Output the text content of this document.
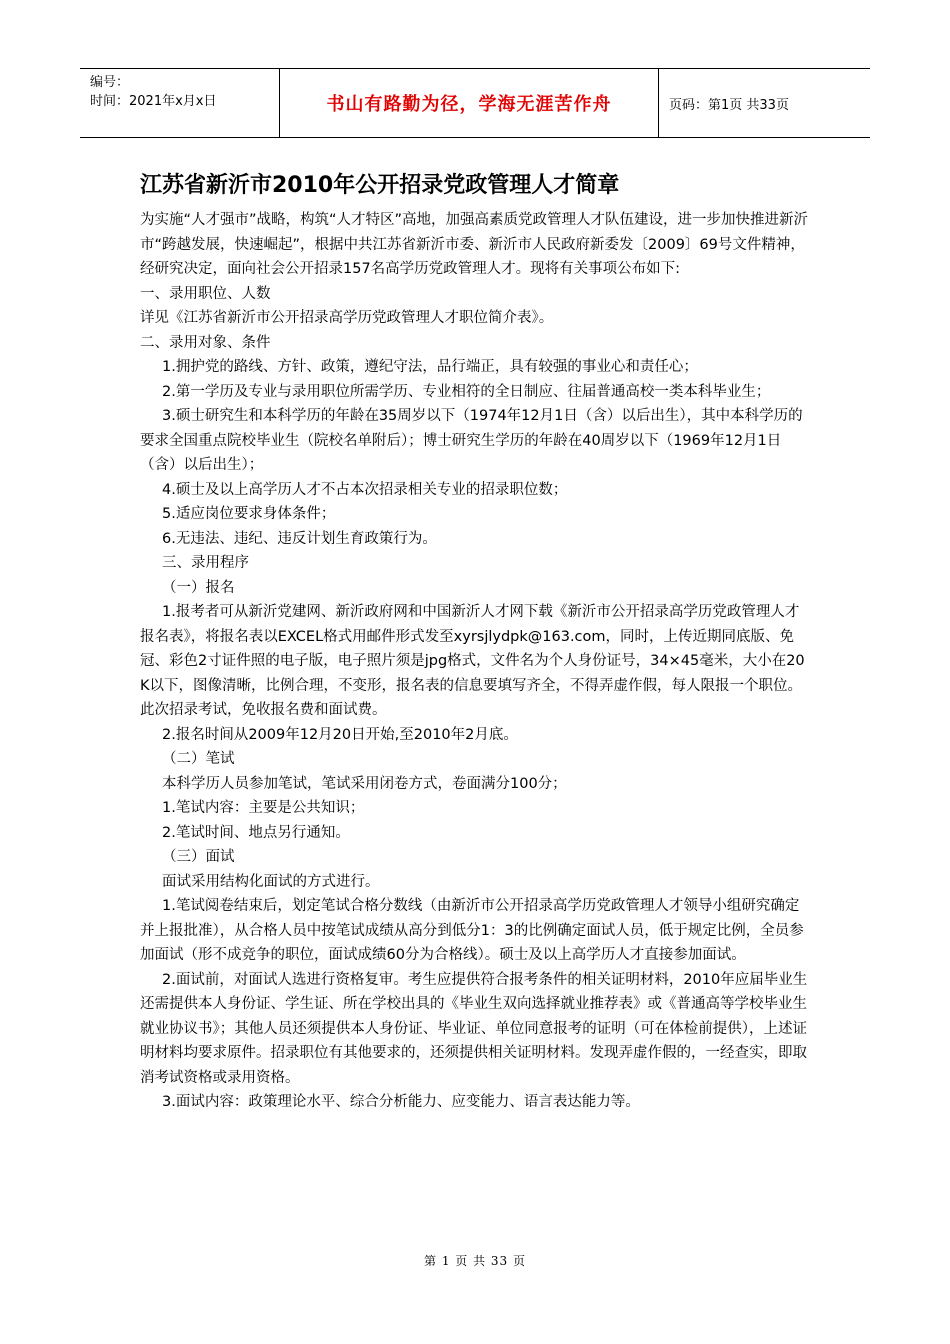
编号：
时间：2021年x月x日	书山有路勤为径，学海无涯苦作舟	页码：第1页 共33页
江苏省新沂市2010年公开招录党政管理人才简章

为实施“人才强市”战略，构筑“人才特区”高地，加强高素质党政管理人才队伍建设，进一步加快推进新沂市“跨越发展，快速崛起”，根据中共江苏省新沂市委、新沂市人民政府新委发〔2009〕69号文件精神，经研究决定，面向社会公开招录157名高学历党政管理人才。现将有关事项公布如下:

一、录用职位、人数

详见《江苏省新沂市公开招录高学历党政管理人才职位简介表》。

二、录用对象、条件

1.拥护党的路线、方针、政策，遵纪守法，品行端正，具有较强的事业心和责任心；

2.第一学历及专业与录用职位所需学历、专业相符的全日制应、往届普通高校一类本科毕业生；

3.硕士研究生和本科学历的年龄在35周岁以下（1974年12月1日（含）以后出生），其中本科学历的要求全国重点院校毕业生（院校名单附后）；博士研究生学历的年龄在40周岁以下（1969年12月1日（含）以后出生）；

4.硕士及以上高学历人才不占本次招录相关专业的招录职位数；

5.适应岗位要求身体条件；

6.无违法、违纪、违反计划生育政策行为。

三、录用程序

（一）报名

1.报考者可从新沂党建网、新沂政府网和中国新沂人才网下载《新沂市公开招录高学历党政管理人才报名表》，将报名表以EXCEL格式用邮件形式发至xyrsjlydpk@163.com，同时，上传近期同底版、免冠、彩色2寸证件照的电子版，电子照片须是jpg格式，文件名为个人身份证号，34×45毫米，大小在20K以下，图像清晰，比例合理，不变形，报名表的信息要填写齐全，不得弄虚作假，每人限报一个职位。此次招录考试，免收报名费和面试费。

2.报名时间从2009年12月20日开始,至2010年2月底。

（二）笔试

本科学历人员参加笔试，笔试采用闭卷方式，卷面满分100分；

1.笔试内容：主要是公共知识；

2.笔试时间、地点另行通知。

（三）面试

面试采用结构化面试的方式进行。

1.笔试阅卷结束后，划定笔试合格分数线（由新沂市公开招录高学历党政管理人才领导小组研究确定并上报批准），从合格人员中按笔试成绩从高分到低分1：3的比例确定面试人员，低于规定比例，全员参加面试（形不成竞争的职位，面试成绩60分为合格线）。硕士及以上高学历人才直接参加面试。

2.面试前，对面试人选进行资格复审。考生应提供符合报考条件的相关证明材料，2010年应届毕业生还需提供本人身份证、学生证、所在学校出具的《毕业生双向选择就业推荐表》或《普通高等学校毕业生就业协议书》；其他人员还须提供本人身份证、毕业证、单位同意报考的证明（可在体检前提供），上述证明材料均要求原件。招录职位有其他要求的，还须提供相关证明材料。发现弄虚作假的，一经查实，即取消考试资格或录用资格。

3.面试内容：政策理论水平、综合分析能力、应变能力、语言表达能力等。

第 1 页 共 33 页
